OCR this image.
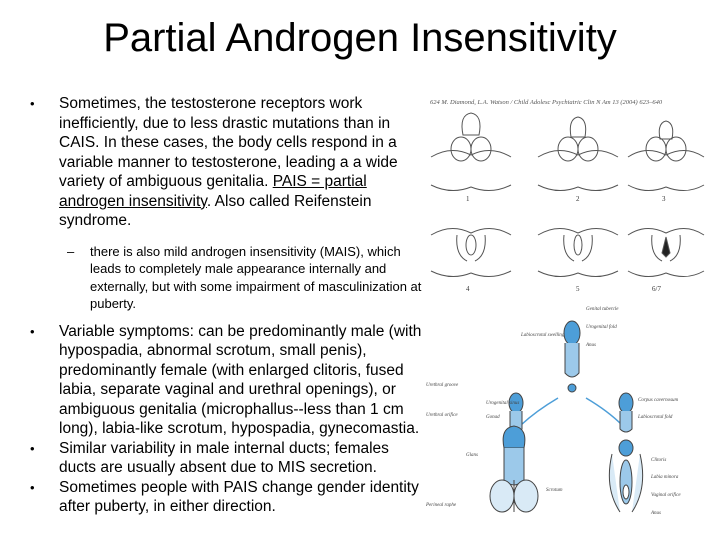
Partial Androgen Insensitivity

• Sometimes, the testosterone receptors work inefficiently, due to less drastic mutations than in CAIS. In these cases, the body cells respond in a variable manner to testosterone, leading a a wide variety of ambiguous genitalia. PAIS = partial androgen insensitivity. Also called Reifenstein syndrome.

– there is also mild androgen insensitivity (MAIS), which leads to completely male appearance internally and externally, but with some impairment of masculinization at puberty.

• Variable symptoms: can be predominantly male (with hypospadia, abnormal scrotum, small penis), predominantly female (with enlarged clitoris, fused labia, separate vaginal and urethral openings), or ambiguous genitalia (microphallus--less than 1 cm long), labia-like scrotum, hypospadia, gynecomastia.

• Similar variability in male internal ducts; females ducts are usually absent due to MIS secretion.

• Sometimes people with PAIS change gender identity after puberty, in either direction.

624 M. Diamond, L.A. Watson / Child Adolesc Psychiatric Clin N Am 13 (2004) 623–640
1	2	3
4	5	6/7
Genital tubercle
Urogenital fold
Labioscrotal swelling
Anus
Urogenital sinus
Gonad
Corpus cavernosum
Labioscrotal fold
Glans
Scrotum
Clitoris
Labia minora
Vaginal orifice
Anus
Urethral groove
Urethral orifice
Perineal raphe
